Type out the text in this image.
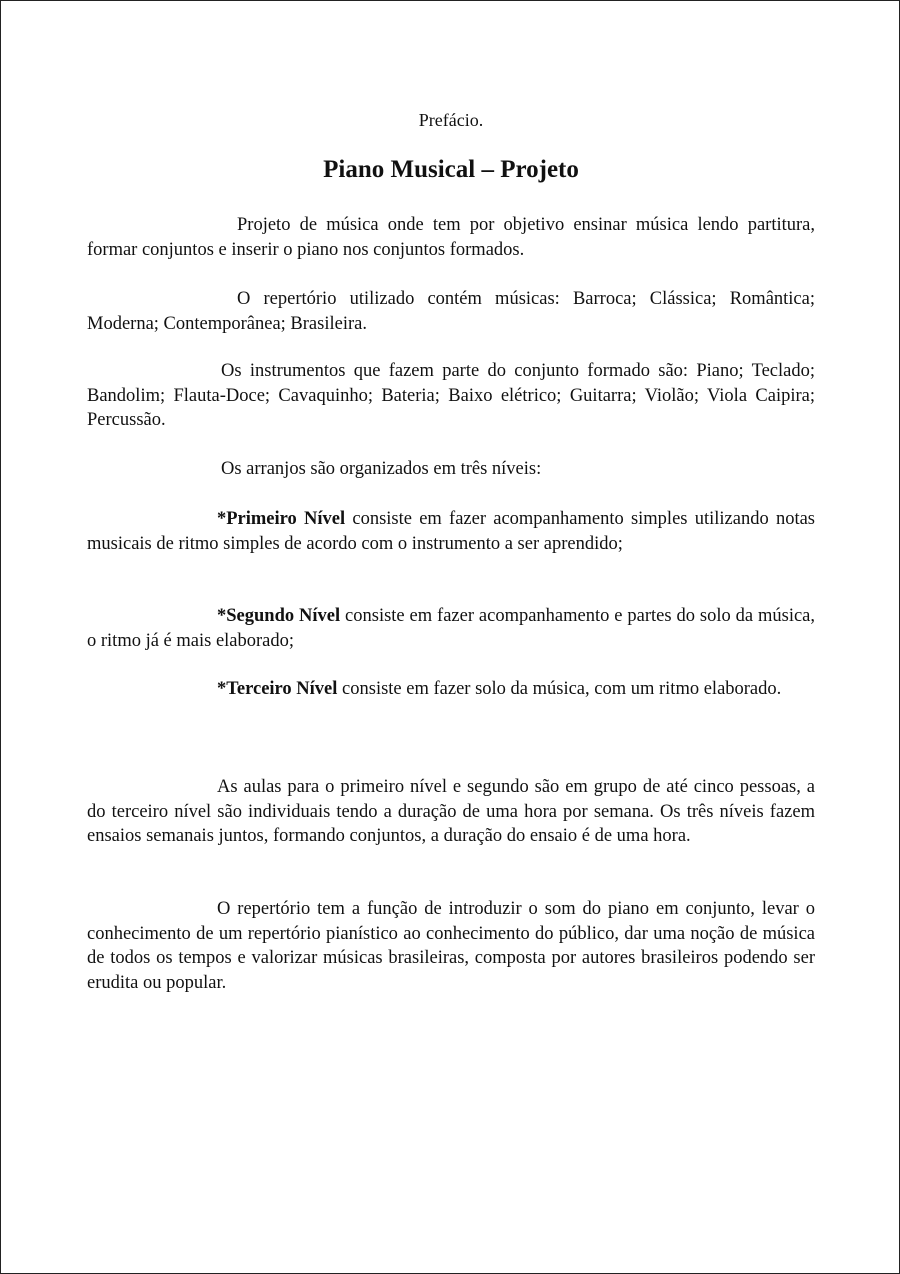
Prefácio.
Piano Musical – Projeto

Projeto de música onde tem por objetivo ensinar música lendo partitura, formar conjuntos e inserir o piano nos conjuntos formados.

O repertório utilizado contém músicas: Barroca; Clássica; Romântica; Moderna; Contemporânea; Brasileira.

Os instrumentos que fazem parte do conjunto formado são: Piano; Teclado; Bandolim; Flauta-Doce; Cavaquinho; Bateria; Baixo elétrico; Guitarra; Violão; Viola Caipira; Percussão.

Os arranjos são organizados em três níveis:

*Primeiro Nível consiste em fazer acompanhamento simples utilizando notas musicais de ritmo simples de acordo com o instrumento a ser aprendido;

*Segundo Nível consiste em fazer acompanhamento e partes do solo da música, o ritmo já é mais elaborado;

*Terceiro Nível consiste em fazer solo da música, com um ritmo elaborado.

As aulas para o primeiro nível e segundo são em grupo de até cinco pessoas, a do terceiro nível são individuais tendo a duração de uma hora por semana. Os três níveis fazem ensaios semanais juntos, formando conjuntos, a duração do ensaio é de uma hora.

O repertório tem a função de introduzir o som do piano em conjunto, levar o conhecimento de um repertório pianístico ao conhecimento do público, dar uma noção de música de todos os tempos e valorizar músicas brasileiras, composta por autores brasileiros podendo ser erudita ou popular.
